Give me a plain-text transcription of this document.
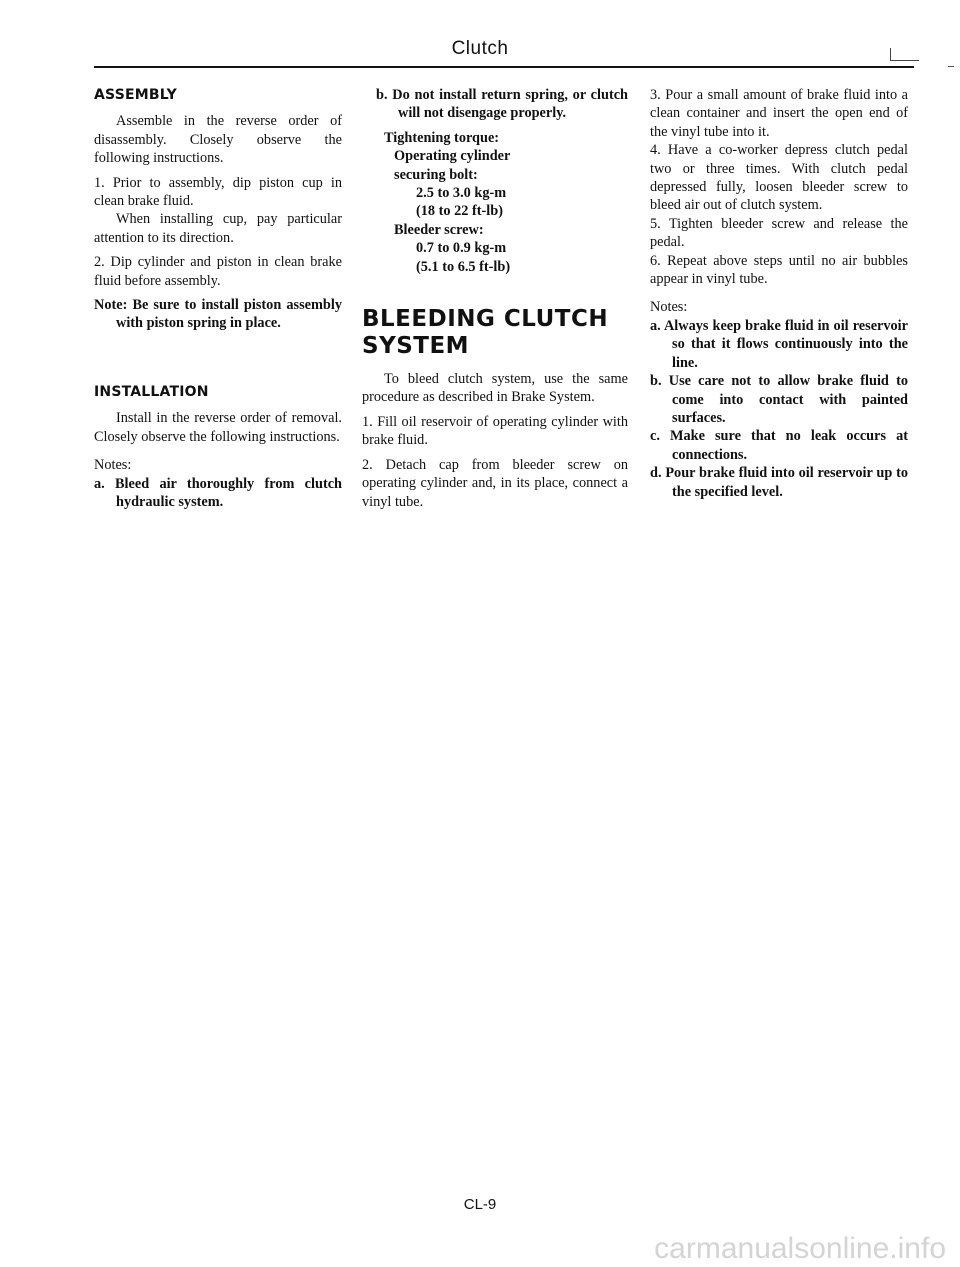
Clutch
ASSEMBLY

Assemble in the reverse order of disassembly. Closely observe the following instructions.

1. Prior to assembly, dip piston cup in clean brake fluid.

When installing cup, pay particular attention to its direction.

2. Dip cylinder and piston in clean brake fluid before assembly.

Note: Be sure to install piston assembly with piston spring in place.

INSTALLATION

Install in the reverse order of removal. Closely observe the following instructions.

Notes:

a. Bleed air thoroughly from clutch hydraulic system.

b. Do not install return spring, or clutch will not disengage properly.

Tightening torque:
Operating cylinder
securing bolt:
2.5 to 3.0 kg-m
(18 to 22 ft-lb)
Bleeder screw:
0.7 to 0.9 kg-m
(5.1 to 6.5 ft-lb)
BLEEDING CLUTCH
SYSTEM

To bleed clutch system, use the same procedure as described in Brake System.

1. Fill oil reservoir of operating cylinder with brake fluid.

2. Detach cap from bleeder screw on operating cylinder and, in its place, connect a vinyl tube.

3. Pour a small amount of brake fluid into a clean container and insert the open end of the vinyl tube into it.

4. Have a co-worker depress clutch pedal two or three times. With clutch pedal depressed fully, loosen bleeder screw to bleed air out of clutch system.

5. Tighten bleeder screw and release the pedal.

6. Repeat above steps until no air bubbles appear in vinyl tube.

Notes:

a. Always keep brake fluid in oil reservoir so that it flows continuously into the line.

b. Use care not to allow brake fluid to come into contact with painted surfaces.

c. Make sure that no leak occurs at connections.

d. Pour brake fluid into oil reservoir up to the specified level.

CL-9
carmanualsonline.info
